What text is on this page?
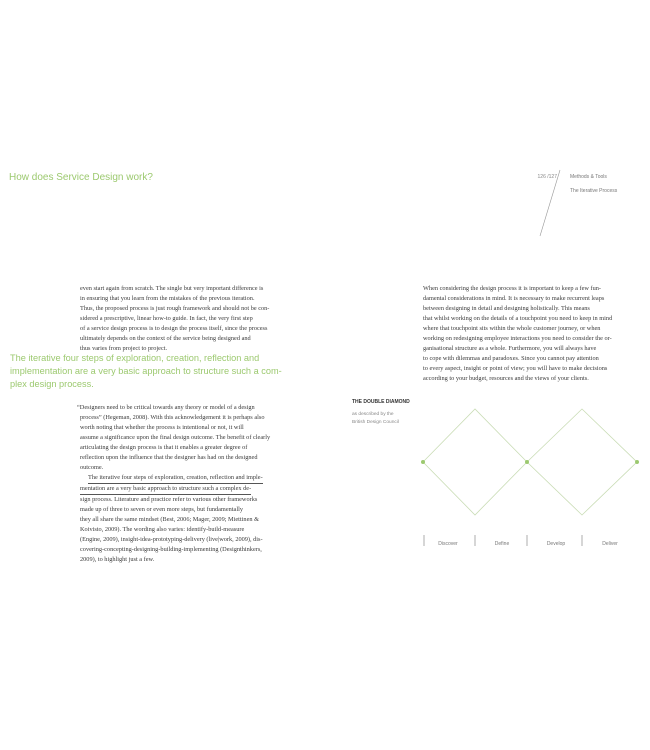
How does Service Design work?	126 /127	Methods & Tools
The Iterative Process
even start again from scratch. The single but very important difference is
in ensuring that you learn from the mistakes of the previous iteration.
Thus, the proposed process is just rough framework and should not be con-
sidered a prescriptive, linear how-to guide. In fact, the very first step
of a service design process is to design the process itself, since the process
ultimately depends on the context of the service being designed and
thus varies from project to project.
The iterative four steps of exploration, creation, reflection and
implementation are a very basic approach to structure such a com-
plex design process.
“Designers need to be critical towards any theory or model of a design
process” (Hegeman, 2008). With this acknowledgement it is perhaps also
worth noting that whether the process is intentional or not, it will
assume a significance upon the final design outcome. The benefit of clearly
articulating the design process is that it enables a greater degree of
reflection upon the influence that the designer has had on the designed
outcome.
The iterative four steps of exploration, creation, reflection and imple-
mentation are a very basic approach to structure such a complex de-
sign process. Literature and practice refer to various other frameworks
made up of three to seven or even more steps, but fundamentally
they all share the same mindset (Best, 2006; Mager, 2009; Miettinen &
Koivisto, 2009). The wording also varies: identify-build-measure
(Engine, 2009), insight-idea-prototyping-delivery (live|work, 2009), dis-
covering-concepting-designing-building-implementing (Designthinkers,
2009), to highlight just a few.
When considering the design process it is important to keep a few fun-
damental considerations in mind. It is necessary to make recurrent leaps
between designing in detail and designing holistically. This means
that whilst working on the details of a touchpoint you need to keep in mind
where that touchpoint sits within the whole customer journey, or when
working on redesigning employee interactions you need to consider the or-
ganisational structure as a whole. Furthermore, you will always have
to cope with dilemmas and paradoxes. Since you cannot pay attention
to every aspect, insight or point of view; you will have to make decisions
according to your budget, resources and the views of your clients.
THE DOUBLE DIAMOND
as described by the
British Design Council
Discover	Define	Develop	Deliver
